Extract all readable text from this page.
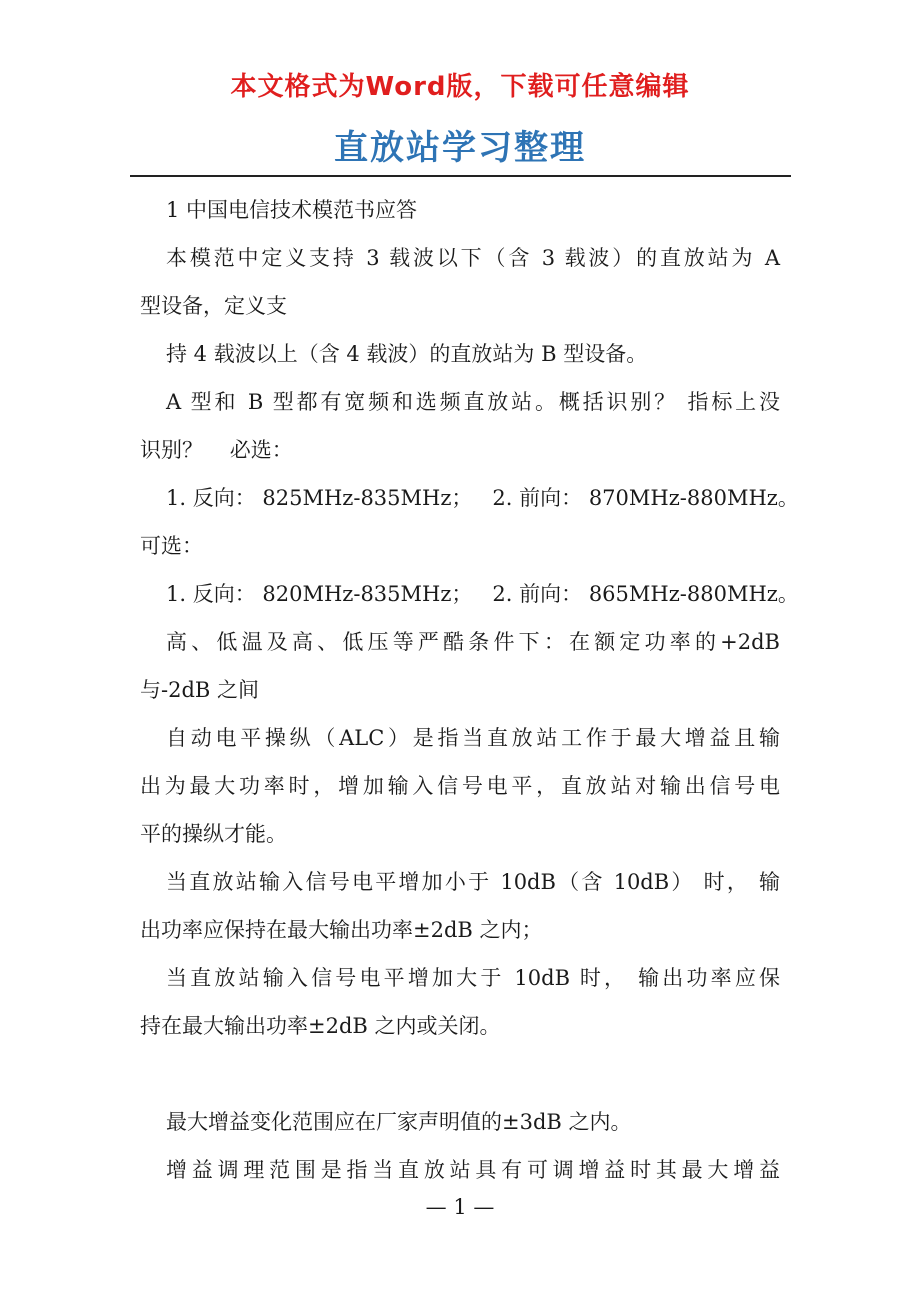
本文格式为Word版，下载可任意编辑
直放站学习整理

1 中国电信技术模范书应答

本模范中定义支持 3 载波以下（含 3 载波）的直放站为 A

型设备，定义支

持 4 载波以上（含 4 载波）的直放站为 B 型设备。

A 型和 B 型都有宽频和选频直放站。概括识别？ 指标上没

识别？    必选：

1. 反向： 825MHz-835MHz；   2. 前向： 870MHz-880MHz。

可选：

1. 反向： 820MHz-835MHz；   2. 前向： 865MHz-880MHz。

高、低温及高、低压等严酷条件下：在额定功率的+2dB

与-2dB 之间

自动电平操纵（ALC）是指当直放站工作于最大增益且输

出为最大功率时，增加输入信号电平，直放站对输出信号电

平的操纵才能。

当直放站输入信号电平增加小于 10dB（含 10dB） 时， 输

出功率应保持在最大输出功率±2dB 之内；

当直放站输入信号电平增加大于 10dB 时， 输出功率应保

持在最大输出功率±2dB 之内或关闭。

最大增益变化范围应在厂家声明值的±3dB 之内。

增益调理范围是指当直放站具有可调增益时其最大增益

— 1 —
